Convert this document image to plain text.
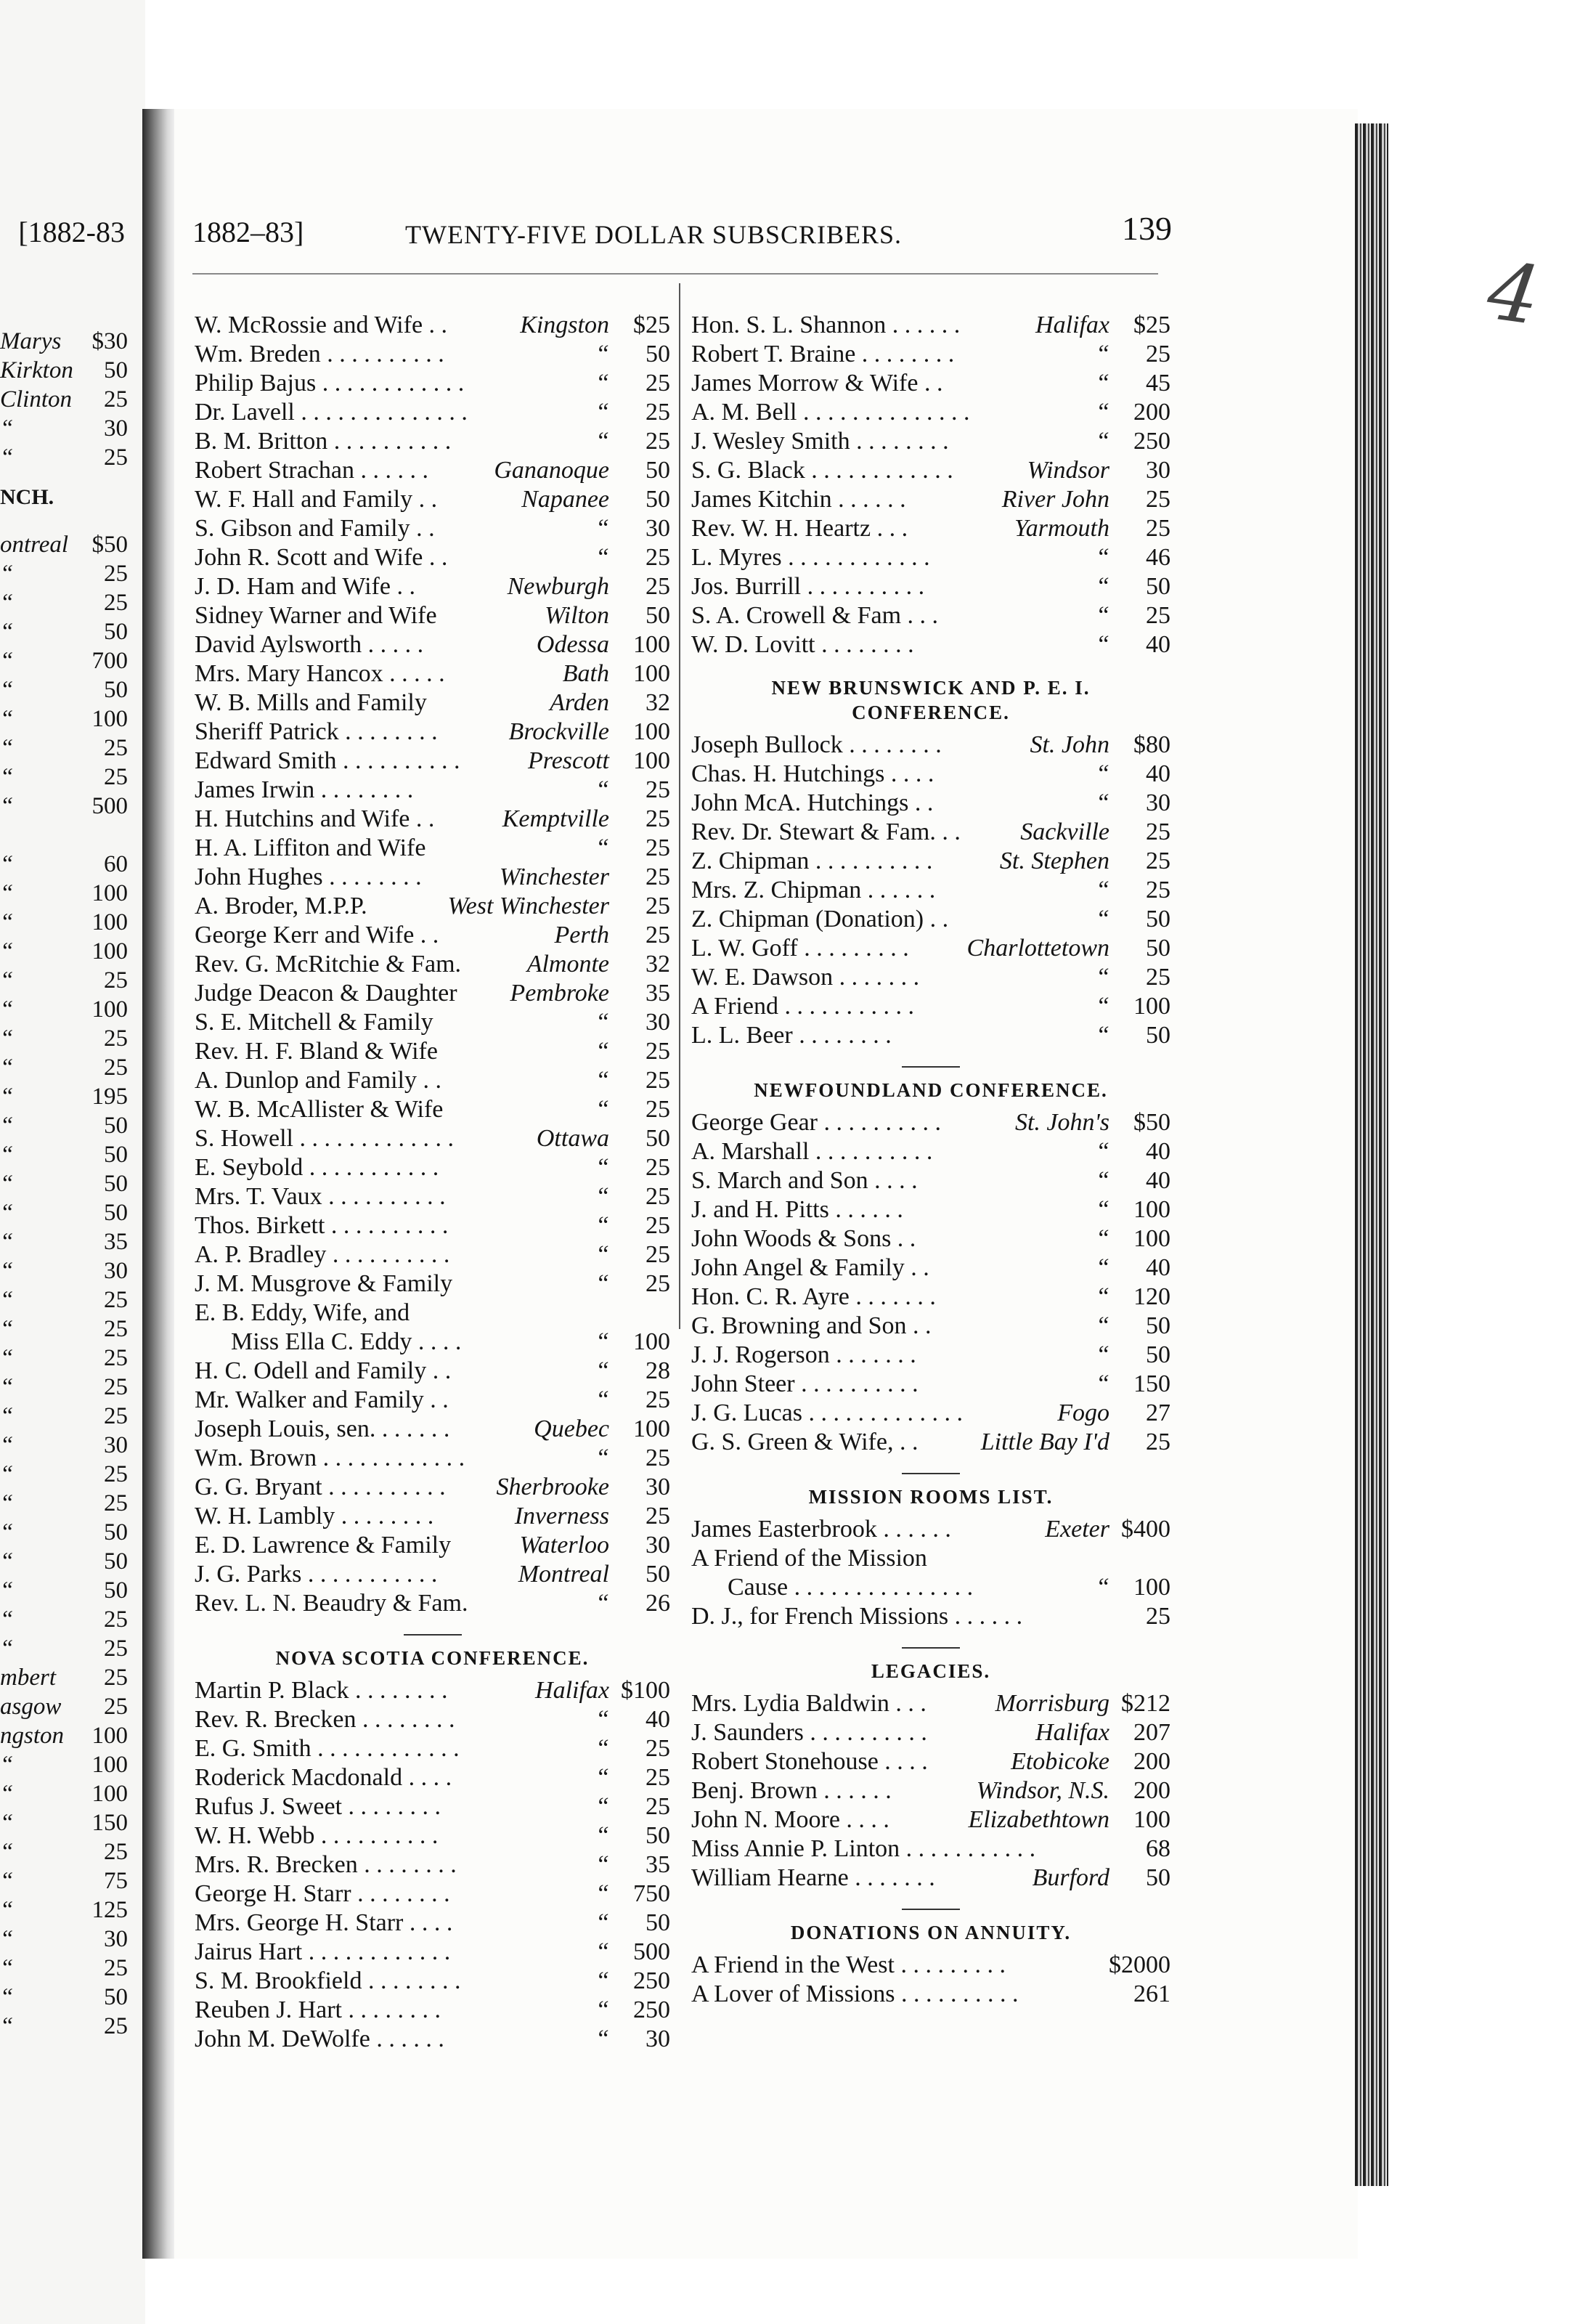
[1882-83
NCH.
Marys $30
Kirkton 50
Clinton 25
“	30
“	25
ontreal $50
“	25
“	25
“	50
“	700
“	50
“	100
“	25
“	25
“	500
“	60
“	100
“	100
“	100
“	25
“	100
“	25
“	25
“	195
“	50
“	50
“	50
“	50
“	35
“	30
“	25
“	25
“	25
“	25
“	25
“	30
“	25
“	25
“	50
“	50
“	50
“	25
“	25
mbert 25
asgow 25
ngston 100
“	100
“	100
“	150
“	25
“	75
“	125
“	30
“	25
“	50
“	25
4
1882–83]	TWENTY-FIVE DOLLAR SUBSCRIBERS.	139
W. McRossie and Wife . .	Kingston $25
Wm. Breden . . . . . . . . . .	“	50
Philip Bajus . . . . . . . . . . . .	“	25
Dr. Lavell . . . . . . . . . . . . . .	“	25
B. M. Britton . . . . . . . . . .	“	25
Robert Strachan . . . . . .	Gananoque	50
W. F. Hall and Family . .	Napanee	50
S. Gibson and Family . .	“	30
John R. Scott and Wife . .	“	25
J. D. Ham and Wife . .	Newburgh	25
Sidney Warner and Wife	Wilton	50
David Aylsworth . . . . .	Odessa 100
Mrs. Mary Hancox . . . . .	Bath 100
W. B. Mills and Family	Arden	32
Sheriff Patrick . . . . . . . .	Brockville 100
Edward Smith . . . . . . . . . .	Prescott 100
James Irwin . . . . . . . .	“	25
H. Hutchins and Wife . .	Kemptville	25
H. A. Liffiton and Wife	“	25
John Hughes . . . . . . . .	Winchester	25
A. Broder, M.P.P.	West Winchester	25
George Kerr and Wife . .	Perth	25
Rev. G. McRitchie & Fam.	Almonte	32
Judge Deacon & Daughter	Pembroke	35
S. E. Mitchell & Family	“	30
Rev. H. F. Bland & Wife	“	25
A. Dunlop and Family . .	“	25
W. B. McAllister & Wife	“	25
S. Howell . . . . . . . . . . . . .	Ottawa	50
E. Seybold . . . . . . . . . . .	“	25
Mrs. T. Vaux . . . . . . . . . .	“	25
Thos. Birkett . . . . . . . . . .	“	25
A. P. Bradley . . . . . . . . . .	“	25
J. M. Musgrove & Family	“	25
E. B. Eddy, Wife, and
Miss Ella C. Eddy . . . .	“ 100
H. C. Odell and Family . .	“	28
Mr. Walker and Family . .	“	25
Joseph Louis, sen. . . . . . .	Quebec 100
Wm. Brown . . . . . . . . . . . .	“	25
G. G. Bryant . . . . . . . . . .	Sherbrooke	30
W. H. Lambly . . . . . . . .	Inverness	25
E. D. Lawrence & Family	Waterloo	30
J. G. Parks . . . . . . . . . . .	Montreal	50
Rev. L. N. Beaudry & Fam.	“	26
NOVA SCOTIA CONFERENCE.
Martin P. Black . . . . . . . .	Halifax $100
Rev. R. Brecken . . . . . . . .	“	40
E. G. Smith . . . . . . . . . . . .	“	25
Roderick Macdonald . . . .	“	25
Rufus J. Sweet . . . . . . . .	“	25
W. H. Webb . . . . . . . . . .	“	50
Mrs. R. Brecken . . . . . . . .	“	35
George H. Starr . . . . . . . .	“ 750
Mrs. George H. Starr . . . .	“	50
Jairus Hart . . . . . . . . . . . .	“ 500
S. M. Brookfield . . . . . . . .	“ 250
Reuben J. Hart . . . . . . . .	“ 250
John M. DeWolfe . . . . . .	“	30
Hon. S. L. Shannon . . . . . .	Halifax $25
Robert T. Braine . . . . . . . .	“	25
James Morrow & Wife . .	“	45
A. M. Bell . . . . . . . . . . . . . .	“ 200
J. Wesley Smith . . . . . . . .	“ 250
S. G. Black . . . . . . . . . . . .	Windsor	30
James Kitchin . . . . . .	River John	25
Rev. W. H. Heartz . . .	Yarmouth	25
L. Myres . . . . . . . . . . . .	“	46
Jos. Burrill . . . . . . . . . .	“	50
S. A. Crowell & Fam . . .	“	25
W. D. Lovitt . . . . . . . .	“	40
NEW BRUNSWICK AND P. E. I. CONFERENCE.
Joseph Bullock . . . . . . . .	St. John $80
Chas. H. Hutchings . . . .	“	40
John McA. Hutchings . .	“	30
Rev. Dr. Stewart & Fam. . .	Sackville	25
Z. Chipman . . . . . . . . . .	St. Stephen	25
Mrs. Z. Chipman . . . . . .	“	25
Z. Chipman (Donation) . .	“	50
L. W. Goff . . . . . . . . .	Charlottetown	50
W. E. Dawson . . . . . . .	“	25
A Friend . . . . . . . . . . .	“ 100
L. L. Beer . . . . . . . .	“	50
NEWFOUNDLAND CONFERENCE.
George Gear . . . . . . . . . .	St. John's $50
A. Marshall . . . . . . . . . .	“	40
S. March and Son . . . .	“	40
J. and H. Pitts . . . . . .	“ 100
John Woods & Sons . .	“ 100
John Angel & Family . .	“	40
Hon. C. R. Ayre . . . . . . .	“ 120
G. Browning and Son . .	“	50
J. J. Rogerson . . . . . . .	“	50
John Steer . . . . . . . . . .	“ 150
J. G. Lucas . . . . . . . . . . . . .	Fogo	27
G. S. Green & Wife, . .	Little Bay I'd	25
MISSION ROOMS LIST.
James Easterbrook . . . . . .	Exeter $400
A Friend of the Mission
Cause . . . . . . . . . . . . . . .	“ 100
D. J., for French Missions . . . . . .	25
LEGACIES.
Mrs. Lydia Baldwin . . .	Morrisburg $212
J. Saunders . . . . . . . . . .	Halifax 207
Robert Stonehouse . . . .	Etobicoke 200
Benj. Brown . . . . . .	Windsor, N.S. 200
John N. Moore . . . .	Elizabethtown 100
Miss Annie P. Linton . . . . . . . . . . .	68
William Hearne . . . . . . .	Burford	50
DONATIONS ON ANNUITY.
A Friend in the West . . . . . . . . .	$2000
A Lover of Missions . . . . . . . . . .	261
